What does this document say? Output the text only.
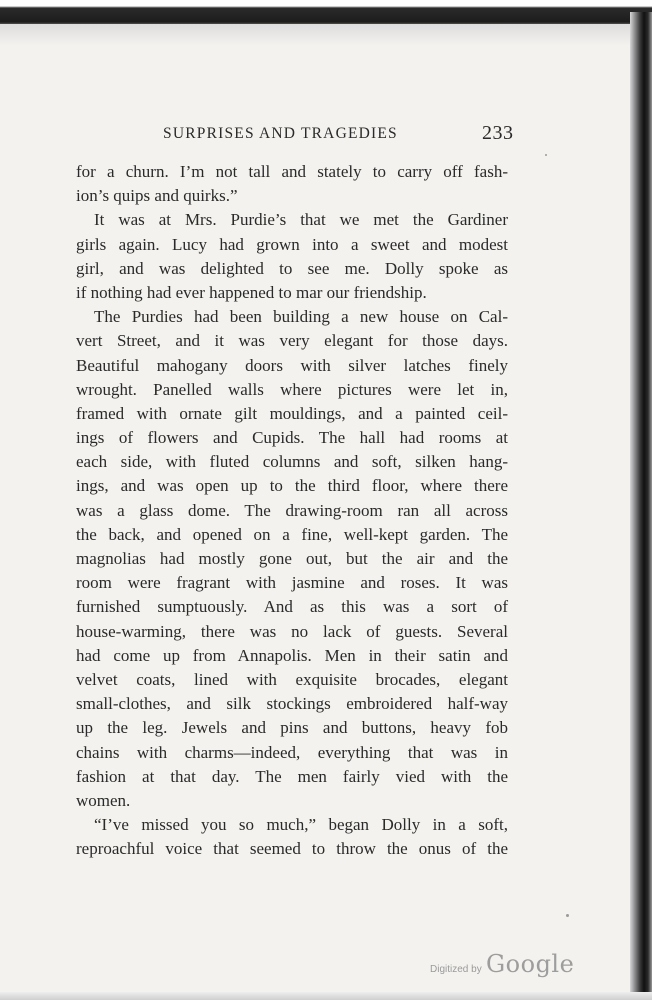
SURPRISES AND TRAGEDIES	233
for a churn. I’m not tall and stately to carry off fash-
ion’s quips and quirks.”
It was at Mrs. Purdie’s that we met the Gardiner
girls again. Lucy had grown into a sweet and modest
girl, and was delighted to see me. Dolly spoke as
if nothing had ever happened to mar our friendship.
The Purdies had been building a new house on Cal-
vert Street, and it was very elegant for those days.
Beautiful mahogany doors with silver latches finely
wrought. Panelled walls where pictures were let in,
framed with ornate gilt mouldings, and a painted ceil-
ings of flowers and Cupids. The hall had rooms at
each side, with fluted columns and soft, silken hang-
ings, and was open up to the third floor, where there
was a glass dome. The drawing-room ran all across
the back, and opened on a fine, well-kept garden. The
magnolias had mostly gone out, but the air and the
room were fragrant with jasmine and roses. It was
furnished sumptuously. And as this was a sort of
house-warming, there was no lack of guests. Several
had come up from Annapolis. Men in their satin and
velvet coats, lined with exquisite brocades, elegant
small-clothes, and silk stockings embroidered half-way
up the leg. Jewels and pins and buttons, heavy fob
chains with charms—indeed, everything that was in
fashion at that day. The men fairly vied with the
women.
“I’ve missed you so much,” began Dolly in a soft,
reproachful voice that seemed to throw the onus of the
Digitized by Google
